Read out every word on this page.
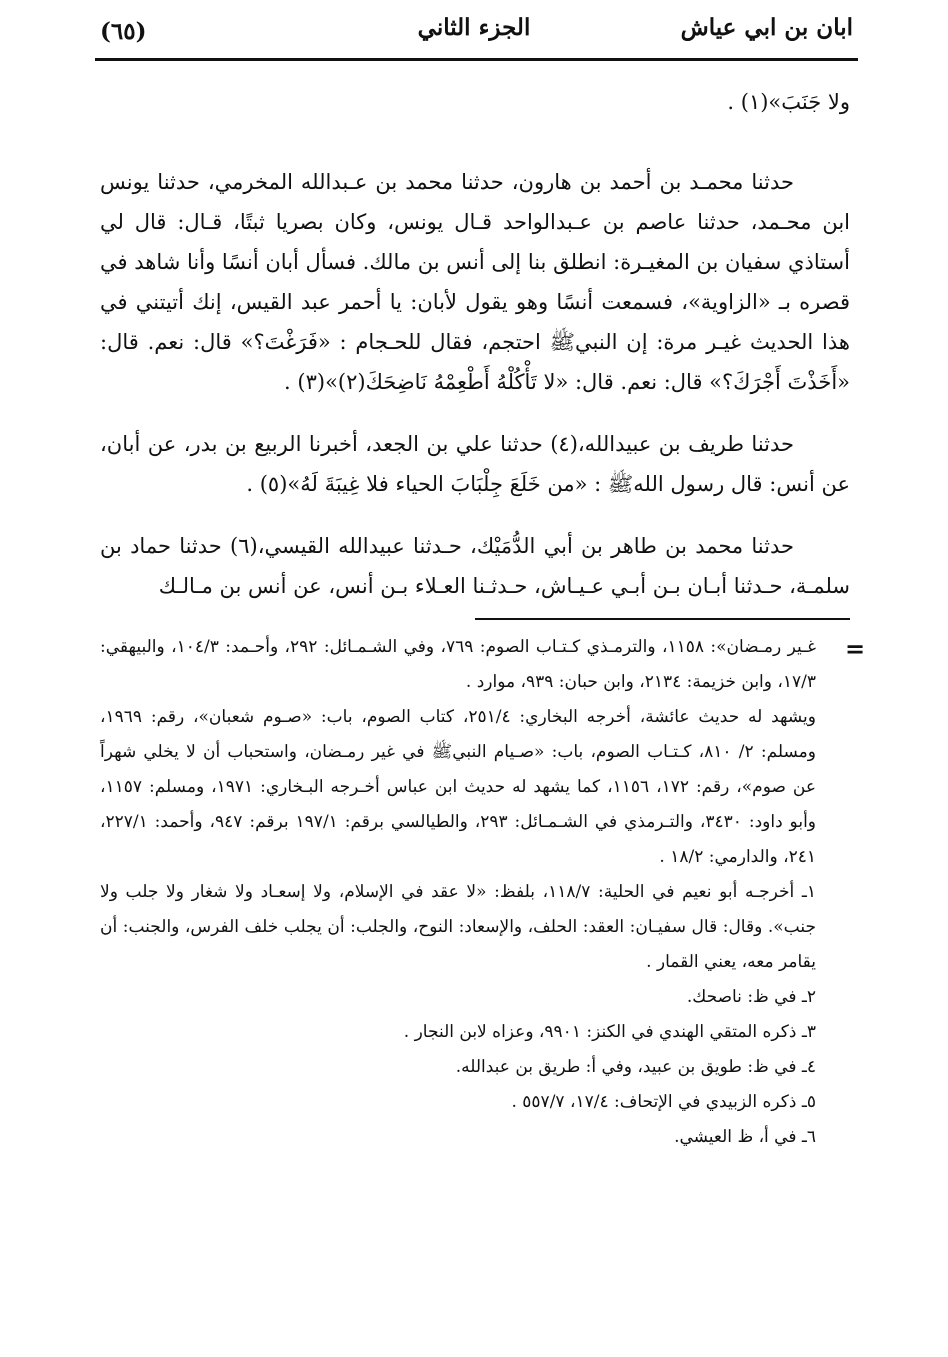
ابان بن ابي عياش
الجزء الثاني
(٦٥)

ولا جَنَبَ»(١) .

حدثنا محمـد بن أحمد بن هارون، حدثنا محمد بن عـبدالله المخرمي، حدثنا يونس ابن محـمد، حدثنا عاصم بن عـبدالواحد قـال يونس، وكان بصريا ثبتًا، قـال: قال لي أستاذي سفيان بن المغيـرة: انطلق بنا إلى أنس بن مالك. فسأل أبان أنسًا وأنا شاهد في قصره بـ «الزاوية»، فسمعت أنسًا وهو يقول لأبان: يا أحمر عبد القيس، إنك أتيتني في هذا الحديث غيـر مرة: إن النبيﷺ احتجم، فقال للحـجام : «فَرَغْتَ؟» قال: نعم. قال: «أَخَذْتَ أَجْرَكَ؟» قال: نعم. قال: «لا تَأْكُلْهُ أَطْعِمْهُ نَاضِحَكَ(٢)»(٣) .

حدثنا طريف بن عبيدالله،(٤) حدثنا علي بن الجعد، أخبرنا الربيع بن بدر، عن أبان، عن أنس: قال رسول اللهﷺ : «من خَلَعَ جِلْبَابَ الحياء فلا غِيبَةَ لَهُ»(٥) .

حدثنا محمد بن طاهر بن أبي الدُّمَيْك، حـدثنا عبيدالله القيسي،(٦) حدثنا حماد بن سلمـة، حـدثنا أبـان بـن أبـي عـيـاش، حـدثـنا العـلاء بـن أنس، عن أنس بن مـالـك

=

غـير رمـضان»: ١١٥٨، والترمـذي كـتـاب الصوم: ٧٦٩، وفي الشـمـائل: ٢٩٢، وأحـمد: ١٠٤/٣، والبيهقي: ١٧/٣، وابن خزيمة: ٢١٣٤، وابن حبان: ٩٣٩، موارد .

ويشهد له حديث عائشة، أخرجه البخاري: ٢٥١/٤، كتاب الصوم، باب: «صـوم شعبان»، رقم: ١٩٦٩، ومسلم: ٢/ ٨١٠، كـتـاب الصوم، باب: «صـيام النبيﷺ في غير رمـضان، واستحباب أن لا يخلي شهراً عن صوم»، رقم: ١٧٢، ١١٥٦، كما يشهد له حديث ابن عباس أخـرجه البـخاري: ١٩٧١، ومسلم: ١١٥٧، وأبو داود: ٣٤٣٠، والتـرمذي في الشـمـائل: ٢٩٣، والطيالسي برقم: ١٩٧/١ برقم: ٩٤٧، وأحمد: ٢٢٧/١، ٢٤١، والدارمي: ١٨/٢ .

١ـ أخرجـه أبو نعيم في الحلية: ١١٨/٧، بلفظ: «لا عقد في الإسلام، ولا إسعـاد ولا شغار ولا جلب ولا جنب». وقال: قال سفيـان: العقد: الحلف، والإسعاد: النوح، والجلب: أن يجلب خلف الفرس، والجنب: أن يقامر معه، يعني القمار .

٢ـ في ظ: ناصحك.

٣ـ ذكره المتقي الهندي في الكنز: ٩٩٠١، وعزاه لابن النجار .

٤ـ في ظ: طويق بن عبيد، وفي أ: طريق بن عبدالله.

٥ـ ذكره الزبيدي في الإتحاف: ١٧/٤، ٥٥٧/٧ .

٦ـ في أ، ظ العيشي.
